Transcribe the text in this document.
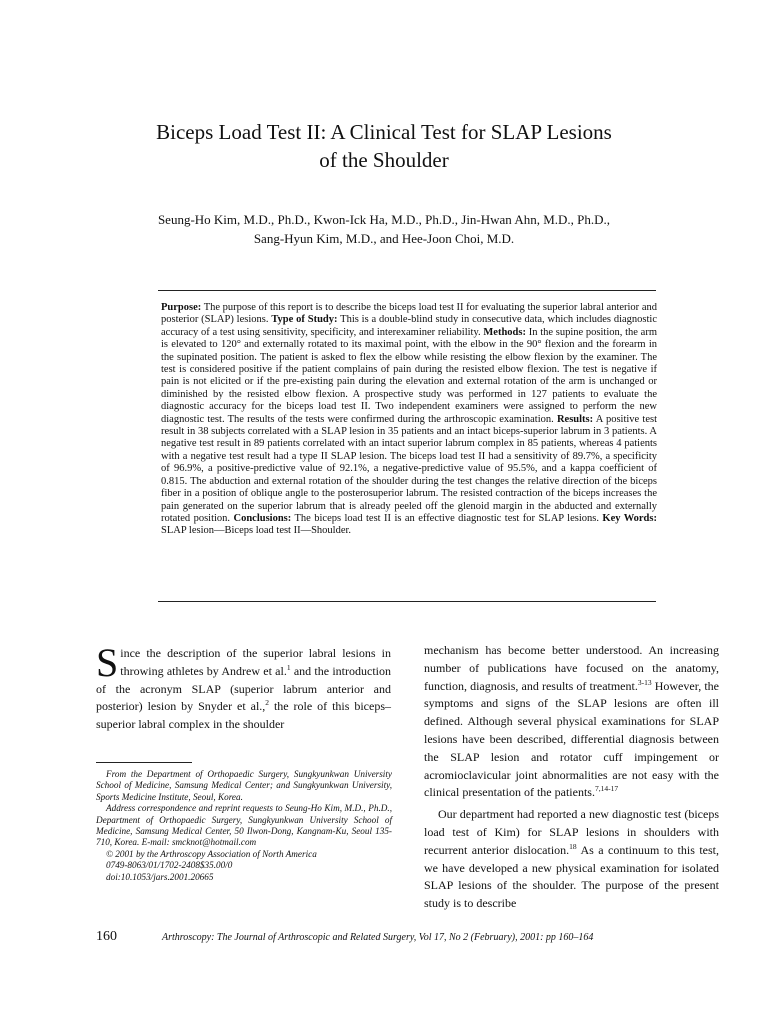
Biceps Load Test II: A Clinical Test for SLAP Lesions
of the Shoulder
Seung-Ho Kim, M.D., Ph.D., Kwon-Ick Ha, M.D., Ph.D., Jin-Hwan Ahn, M.D., Ph.D.,
Sang-Hyun Kim, M.D., and Hee-Joon Choi, M.D.

Purpose: The purpose of this report is to describe the biceps load test II for evaluating the superior labral anterior and posterior (SLAP) lesions. Type of Study: This is a double-blind study in consecutive data, which includes diagnostic accuracy of a test using sensitivity, specificity, and interexaminer reliability. Methods: In the supine position, the arm is elevated to 120° and externally rotated to its maximal point, with the elbow in the 90° flexion and the forearm in the supinated position. The patient is asked to flex the elbow while resisting the elbow flexion by the examiner. The test is considered positive if the patient complains of pain during the resisted elbow flexion. The test is negative if pain is not elicited or if the pre-existing pain during the elevation and external rotation of the arm is unchanged or diminished by the resisted elbow flexion. A prospective study was performed in 127 patients to evaluate the diagnostic accuracy for the biceps load test II. Two independent examiners were assigned to perform the new diagnostic test. The results of the tests were confirmed during the arthroscopic examination. Results: A positive test result in 38 subjects correlated with a SLAP lesion in 35 patients and an intact biceps-superior labrum in 3 patients. A negative test result in 89 patients correlated with an intact superior labrum complex in 85 patients, whereas 4 patients with a negative test result had a type II SLAP lesion. The biceps load test II had a sensitivity of 89.7%, a specificity of 96.9%, a positive-predictive value of 92.1%, a negative-predictive value of 95.5%, and a kappa coefficient of 0.815. The abduction and external rotation of the shoulder during the test changes the relative direction of the biceps fiber in a position of oblique angle to the posterosuperior labrum. The resisted contraction of the biceps increases the pain generated on the superior labrum that is already peeled off the glenoid margin in the abducted and externally rotated position. Conclusions: The biceps load test II is an effective diagnostic test for SLAP lesions. Key Words: SLAP lesion—Biceps load test II—Shoulder.

Since the description of the superior labral lesions in throwing athletes by Andrew et al.$^1$ and the introduction of the acronym SLAP (superior labrum anterior and posterior) lesion by Snyder et al.,$^2$ the role of this biceps–superior labral complex in the shoulder

From the Department of Orthopaedic Surgery, Sungkyunkwan University School of Medicine, Samsung Medical Center; and Sungkyunkwan University, Sports Medicine Institute, Seoul, Korea.

Address correspondence and reprint requests to Seung-Ho Kim, M.D., Ph.D., Department of Orthopaedic Surgery, Sungkyunkwan University School of Medicine, Samsung Medical Center, 50 Ilwon-Dong, Kangnam-Ku, Seoul 135-710, Korea. E-mail: smcknot@hotmail.com

© 2001 by the Arthroscopy Association of North America

0749-8063/01/1702-2408$35.00/0

doi:10.1053/jars.2001.20665

mechanism has become better understood. An increasing number of publications have focused on the anatomy, function, diagnosis, and results of treatment.$^{3-13}$ However, the symptoms and signs of the SLAP lesions are often ill defined. Although several physical examinations for SLAP lesions have been described, differential diagnosis between the SLAP lesion and rotator cuff impingement or acromioclavicular joint abnormalities are not easy with the clinical presentation of the patients.$^{7,14-17}$

Our department had reported a new diagnostic test (biceps load test of Kim) for SLAP lesions in shoulders with recurrent anterior dislocation.$^{18}$ As a continuum to this test, we have developed a new physical examination for isolated SLAP lesions of the shoulder. The purpose of the present study is to describe

160	Arthroscopy: The Journal of Arthroscopic and Related Surgery, Vol 17, No 2 (February), 2001: pp 160–164
